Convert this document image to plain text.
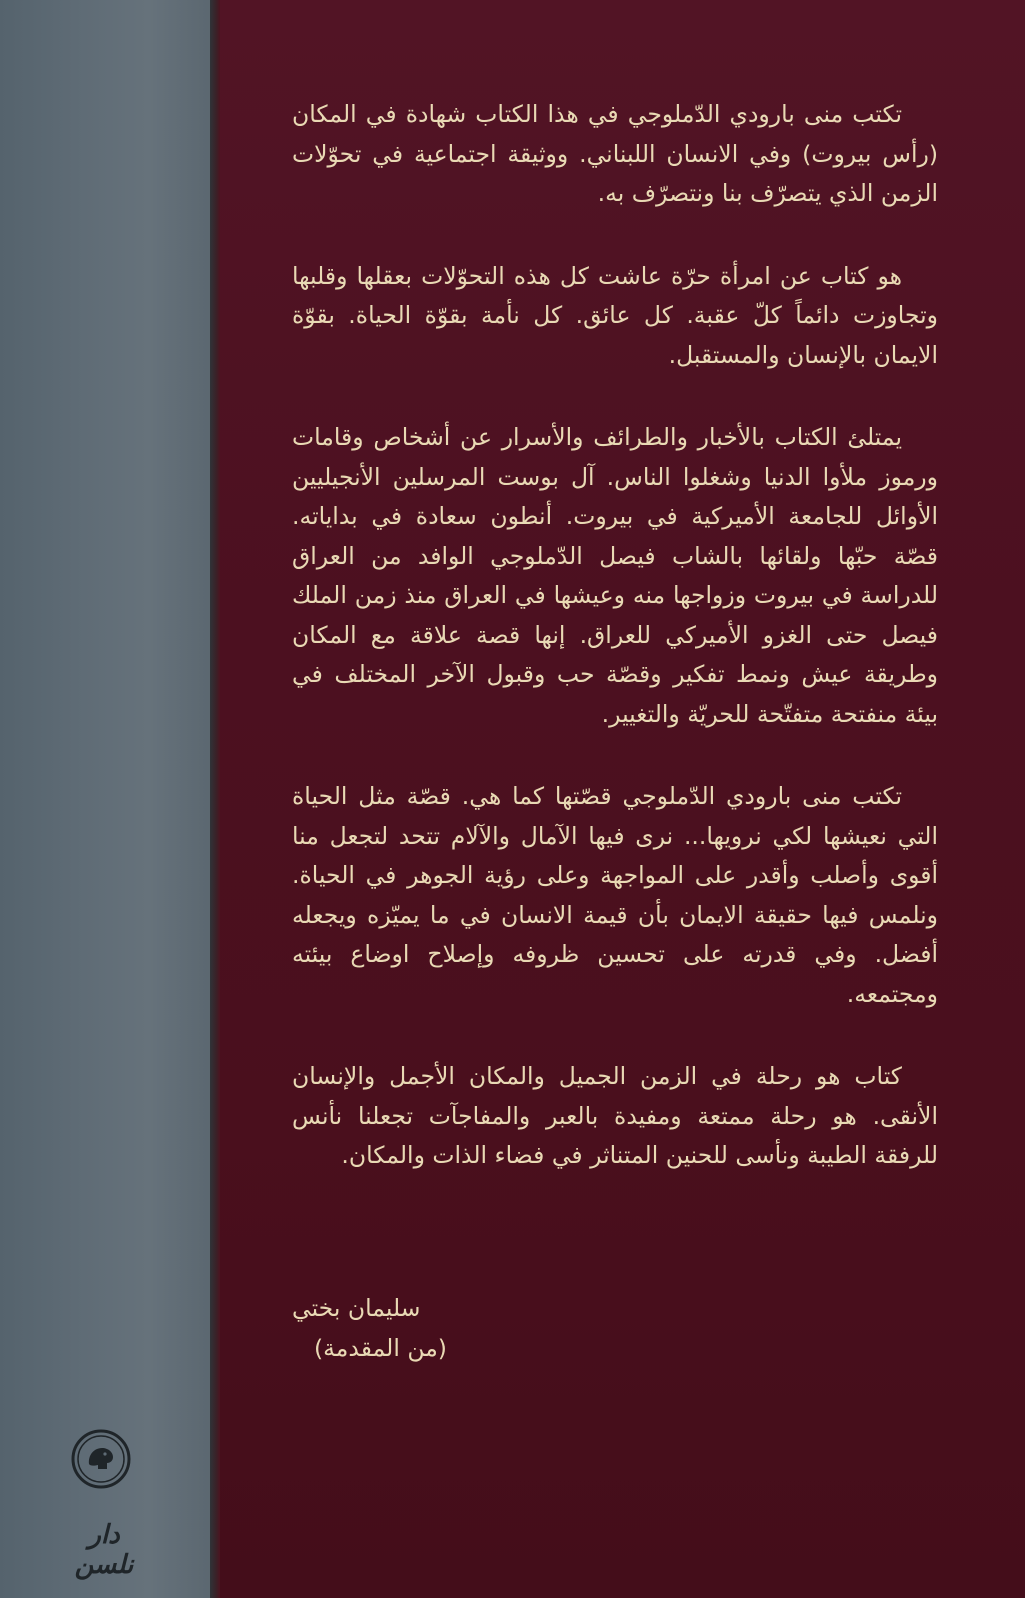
تكتب منى بارودي الدّملوجي في هذا الكتاب شهادة في المكان (رأس بيروت) وفي الانسان اللبناني. ووثيقة اجتماعية في تحوّلات الزمن الذي يتصرّف بنا ونتصرّف به.

هو كتاب عن امرأة حرّة عاشت كل هذه التحوّلات بعقلها وقلبها وتجاوزت دائماً كلّ عقبة. كل عائق. كل نأمة بقوّة الحياة. بقوّة الايمان بالإنسان والمستقبل.

يمتلئ الكتاب بالأخبار والطرائف والأسرار عن أشخاص وقامات ورموز ملأوا الدنيا وشغلوا الناس. آل بوست المرسلين الأنجيليين الأوائل للجامعة الأميركية في بيروت. أنطون سعادة في بداياته. قصّة حبّها ولقائها بالشاب فيصل الدّملوجي الوافد من العراق للدراسة في بيروت وزواجها منه وعيشها في العراق منذ زمن الملك فيصل حتى الغزو الأميركي للعراق. إنها قصة علاقة مع المكان وطريقة عيش ونمط تفكير وقصّة حب وقبول الآخر المختلف في بيئة منفتحة متفتّحة للحريّة والتغيير.

تكتب منى بارودي الدّملوجي قصّتها كما هي. قصّة مثل الحياة التي نعيشها لكي نرويها... نرى فيها الآمال والآلام تتحد لتجعل منا أقوى وأصلب وأقدر على المواجهة وعلى رؤية الجوهر في الحياة. ونلمس فيها حقيقة الايمان بأن قيمة الانسان في ما يميّزه ويجعله أفضل. وفي قدرته على تحسين ظروفه وإصلاح اوضاع بيئته ومجتمعه.

كتاب هو رحلة في الزمن الجميل والمكان الأجمل والإنسان الأنقى. هو رحلة ممتعة ومفيدة بالعبر والمفاجآت تجعلنا نأنس للرفقة الطيبة ونأسى للحنين المتناثر في فضاء الذات والمكان.

سليمان بختي
(من المقدمة)
دار نلسن
